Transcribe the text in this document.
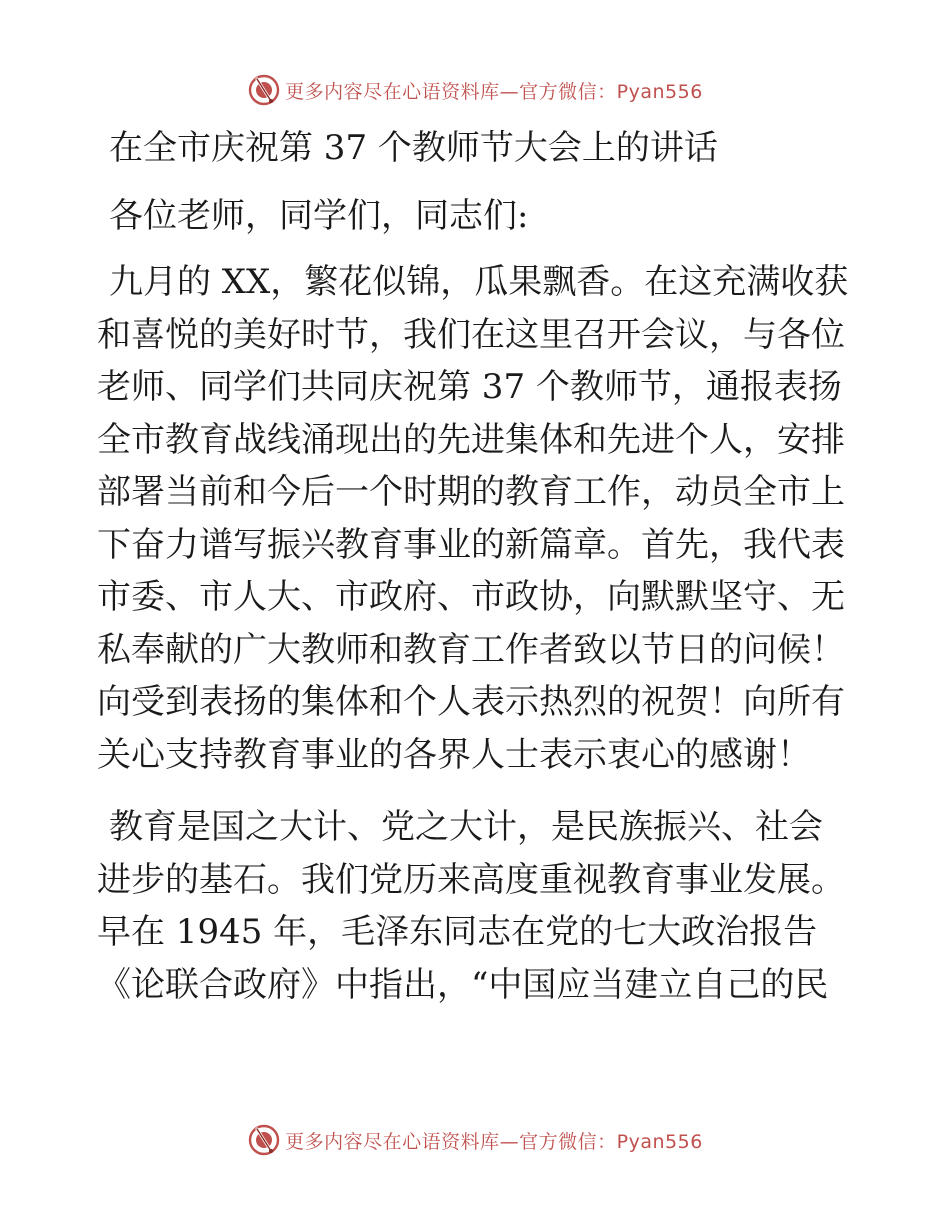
更多内容尽在心语资料库—官方微信：Pyan556
在全市庆祝第 37 个教师节大会上的讲话
各位老师，同学们，同志们:
九月的 XX，繁花似锦，瓜果飘香。在这充满收获
和喜悦的美好时节，我们在这里召开会议，与各位
老师、同学们共同庆祝第 37 个教师节，通报表扬
全市教育战线涌现出的先进集体和先进个人，安排
部署当前和今后一个时期的教育工作，动员全市上
下奋力谱写振兴教育事业的新篇章。首先，我代表
市委、市人大、市政府、市政协，向默默坚守、无
私奉献的广大教师和教育工作者致以节日的问候！
向受到表扬的集体和个人表示热烈的祝贺！向所有
关心支持教育事业的各界人士表示衷心的感谢！
教育是国之大计、党之大计，是民族振兴、社会
进步的基石。我们党历来高度重视教育事业发展。
早在 1945 年，毛泽东同志在党的七大政治报告
《论联合政府》中指出，“中国应当建立自己的民
更多内容尽在心语资料库—官方微信：Pyan556
